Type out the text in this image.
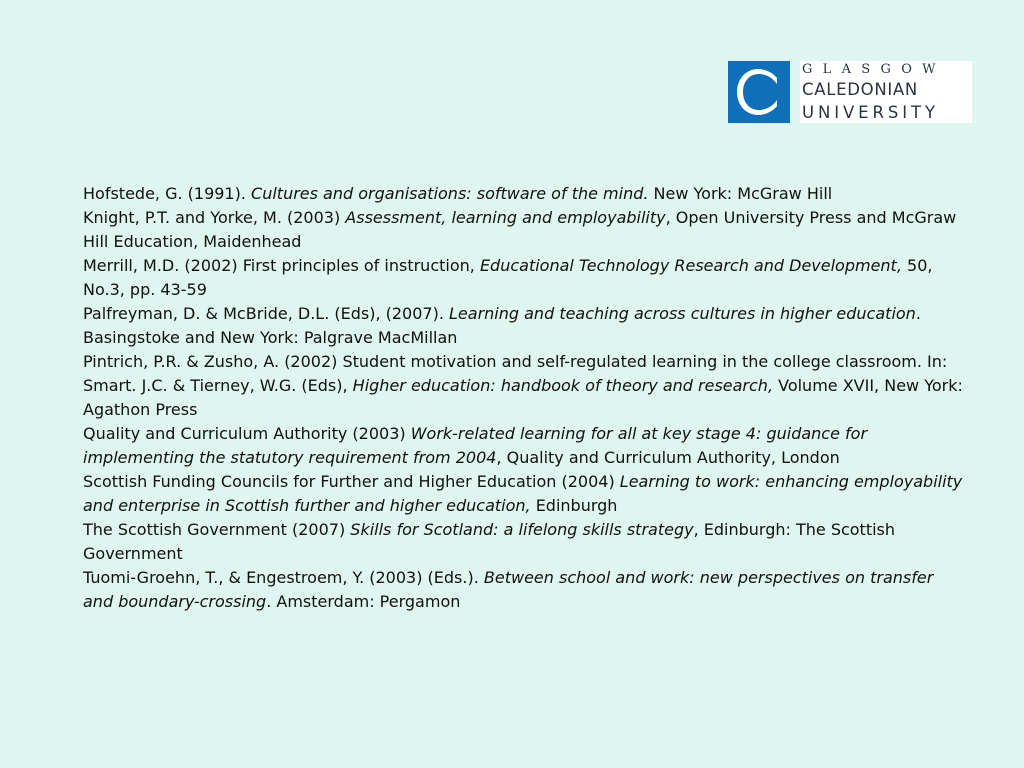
GLASGOW
CALEDONIAN
UNIVERSITY

Hofstede, G. (1991). Cultures and organisations: software of the mind. New York: McGraw Hill

Knight, P.T. and Yorke, M. (2003) Assessment, learning and employability, Open University Press and McGraw Hill Education, Maidenhead

Merrill, M.D. (2002) First principles of instruction, Educational Technology Research and Development, 50, No.3, pp. 43-59

Palfreyman, D. & McBride, D.L. (Eds), (2007). Learning and teaching across cultures in higher education. Basingstoke and New York: Palgrave MacMillan

Pintrich, P.R. & Zusho, A. (2002) Student motivation and self-regulated learning in the college classroom. In: Smart. J.C. & Tierney, W.G. (Eds), Higher education: handbook of theory and research, Volume XVII, New York: Agathon Press

Quality and Curriculum Authority (2003) Work-related learning for all at key stage 4: guidance for implementing the statutory requirement from 2004, Quality and Curriculum Authority, London

Scottish Funding Councils for Further and Higher Education (2004) Learning to work: enhancing employability and enterprise in Scottish further and higher education, Edinburgh

The Scottish Government (2007) Skills for Scotland: a lifelong skills strategy, Edinburgh: The Scottish Government

Tuomi-Groehn, T., & Engestroem, Y. (2003) (Eds.). Between school and work: new perspectives on transfer and boundary-crossing. Amsterdam: Pergamon
